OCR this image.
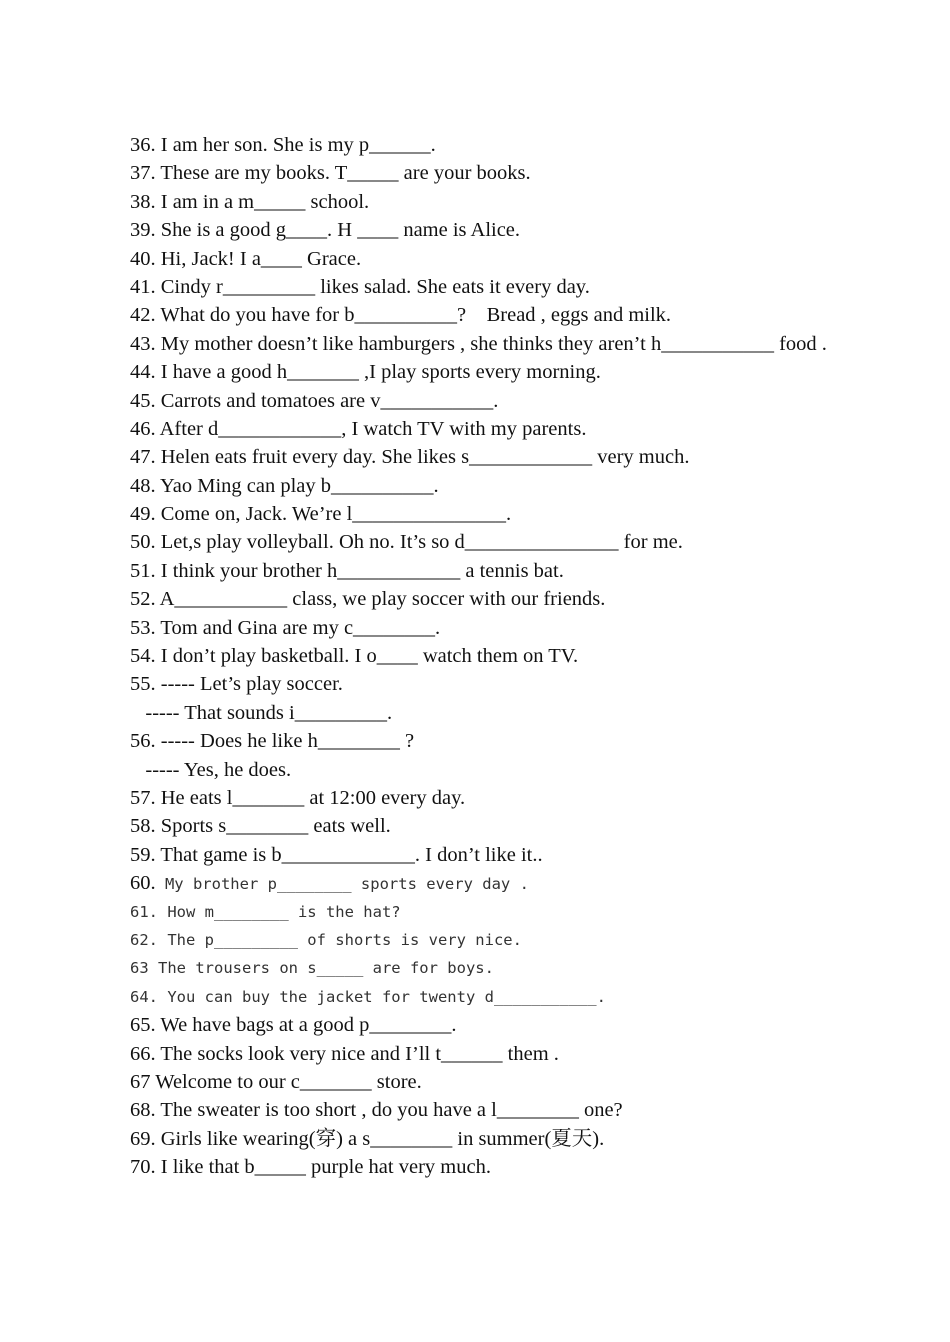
36. I am her son. She is my p______.
37. These are my books. T_____ are your books.
38. I am in a m_____ school.
39. She is a good g____. H ____ name is Alice.
40. Hi, Jack! I a____ Grace.
41. Cindy r_________ likes salad. She eats it every day.
42. What do you have for b__________?    Bread , eggs and milk.
43. My mother doesn’t like hamburgers , she thinks they aren’t h___________ food .
44. I have a good h_______ ,I play sports every morning.
45. Carrots and tomatoes are v___________.
46. After d____________, I watch TV with my parents.
47. Helen eats fruit every day. She likes s____________ very much.
48. Yao Ming can play b__________.
49. Come on, Jack. We’re l_______________.
50. Let,s play volleyball. Oh no. It’s so d_______________ for me.
51. I think your brother h____________ a tennis bat.
52. A___________ class, we play soccer with our friends.
53. Tom and Gina are my c________.
54. I don’t play basketball. I o____ watch them on TV.
55. ----- Let’s play soccer.
----- That sounds i_________.
56. ----- Does he like h________ ?
----- Yes, he does.
57. He eats l_______ at 12:00 every day.
58. Sports s________ eats well.
59. That game is b_____________. I don’t like it..
60. My brother p________ sports every day .
61. How m________ is the hat?
62. The p_________ of shorts is very nice.
63 The trousers on s_____ are for boys.
64. You can buy the jacket for twenty d___________.
65. We have bags at a good p________.
66. The socks look very nice and I’ll t______ them .
67 Welcome to our c_______ store.
68. The sweater is too short , do you have a l________ one?
69. Girls like wearing(穿) a s________ in summer(夏天).
70. I like that b_____ purple hat very much.
